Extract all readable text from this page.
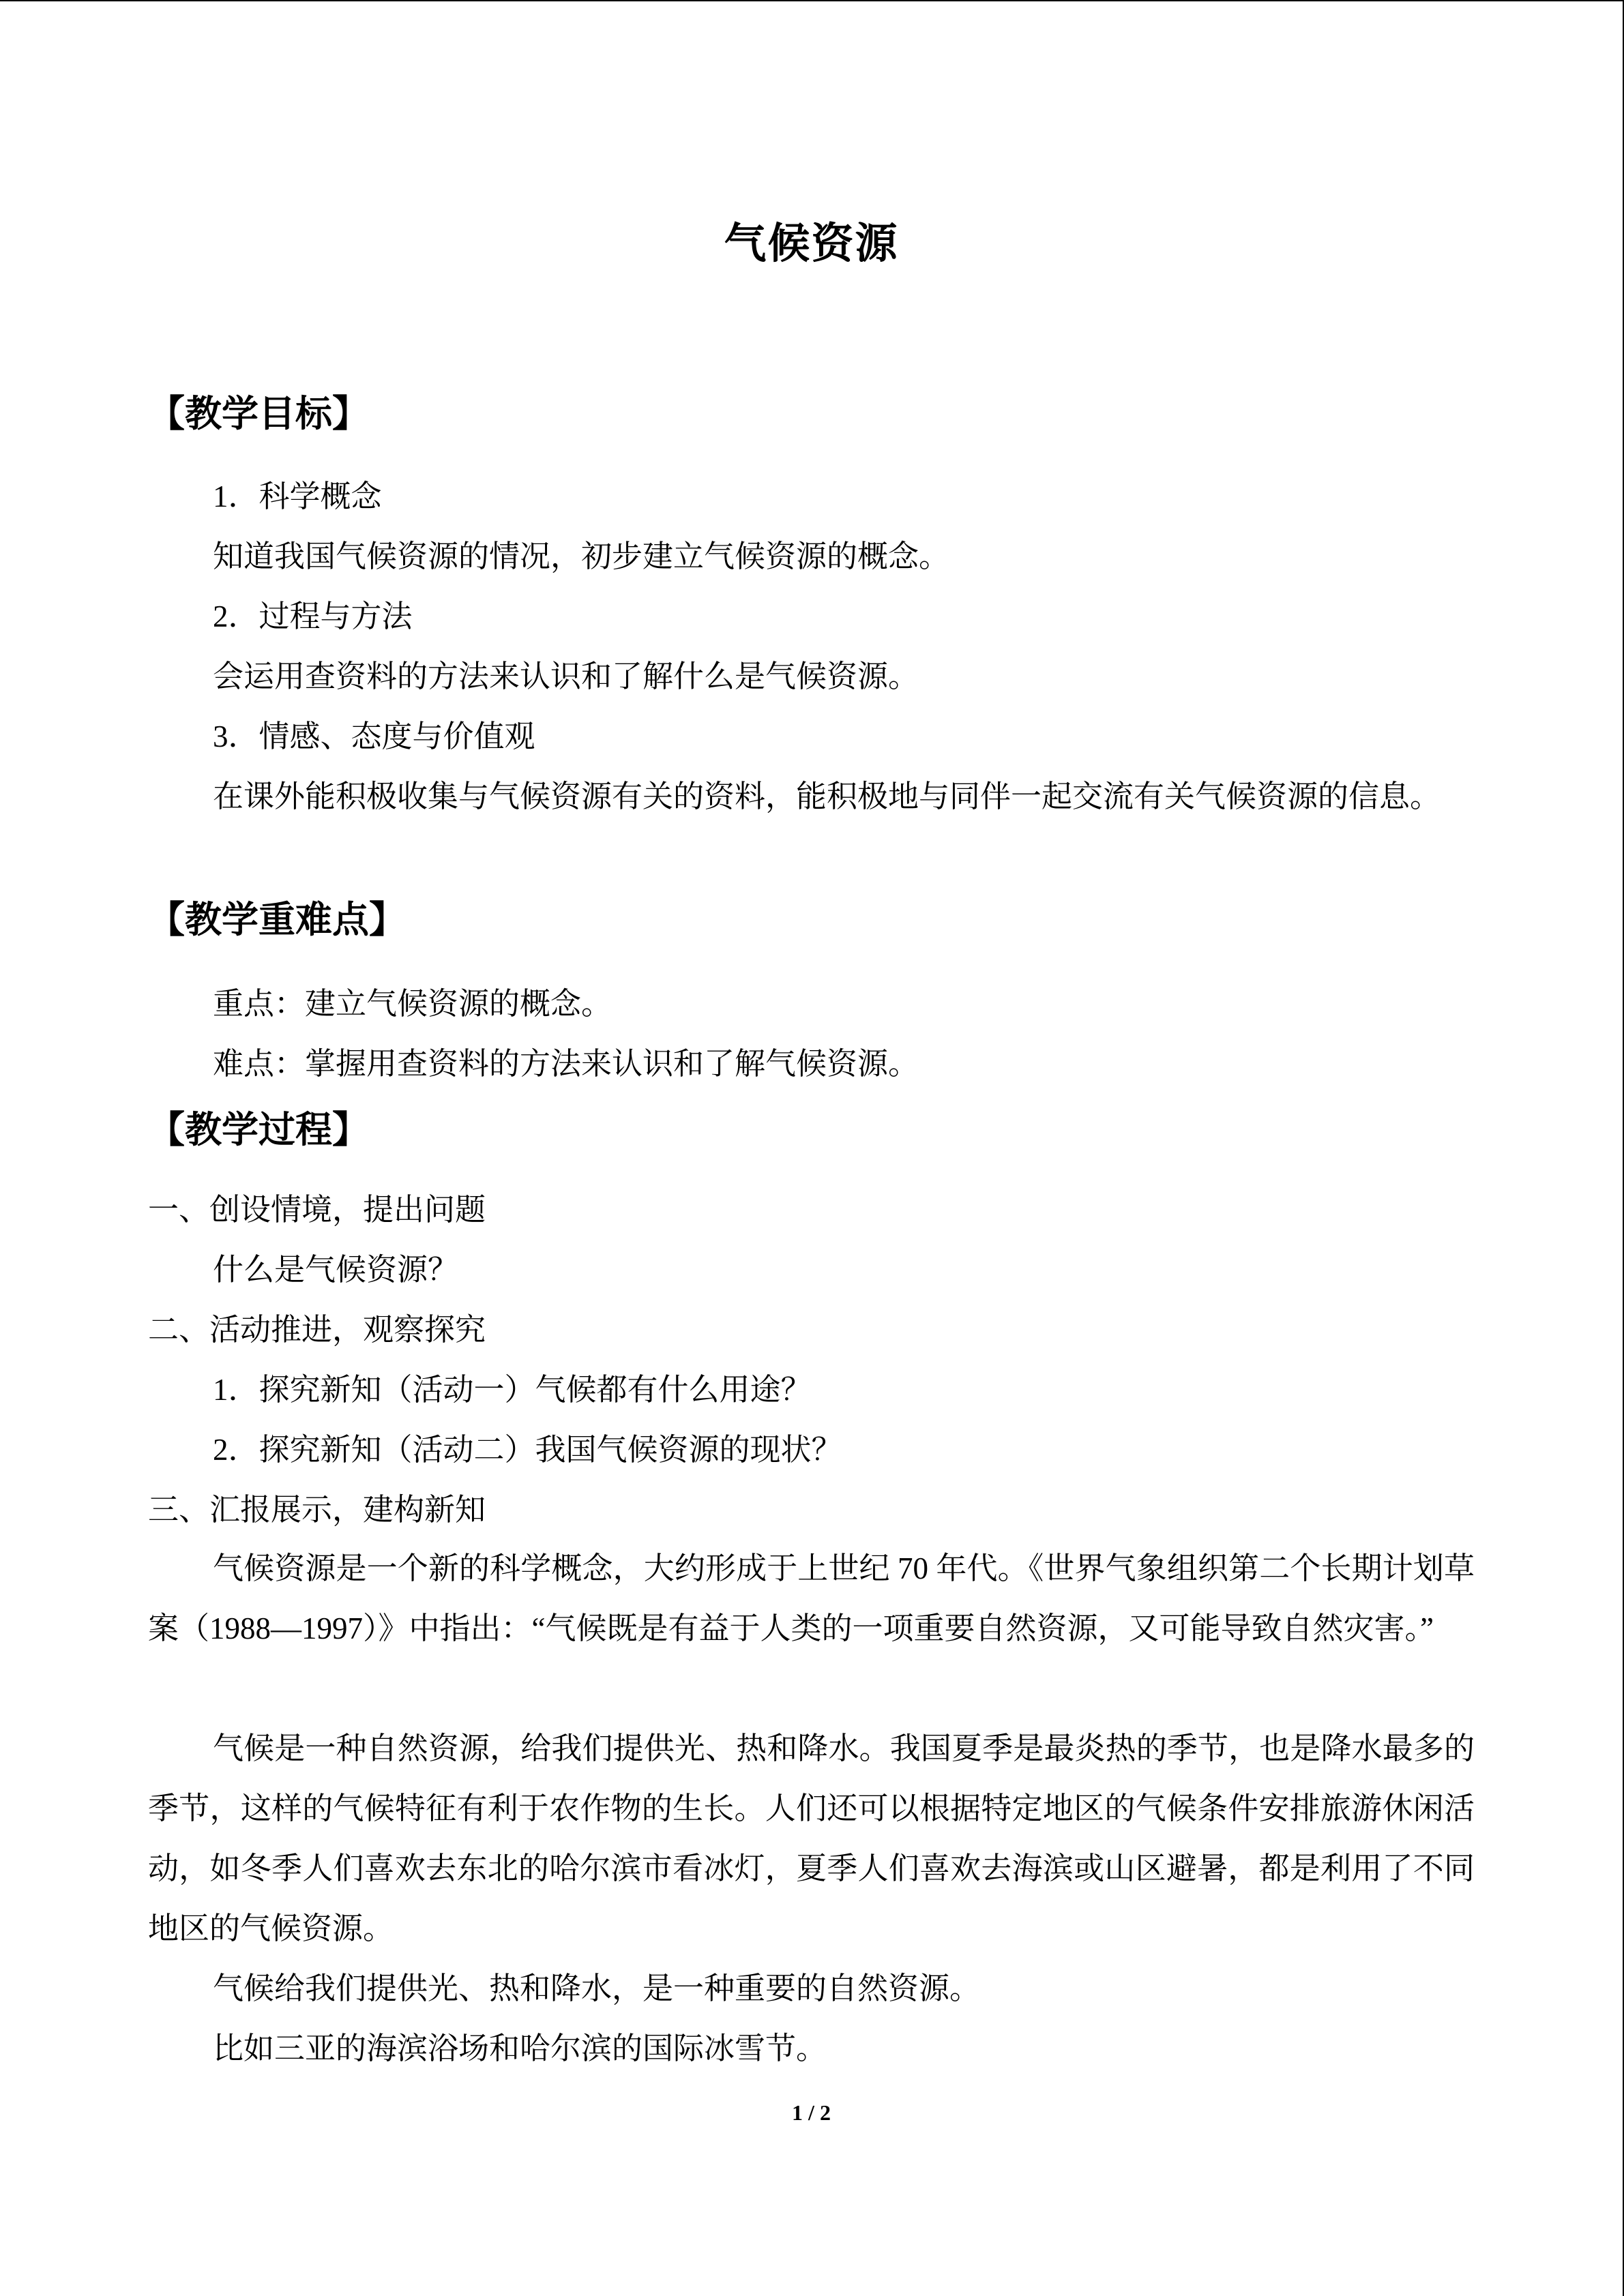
气候资源
【教学目标】
1．科学概念
知道我国气候资源的情况，初步建立气候资源的概念。
2．过程与方法
会运用查资料的方法来认识和了解什么是气候资源。
3．情感、态度与价值观
在课外能积极收集与气候资源有关的资料，能积极地与同伴一起交流有关气候资源的信息。
【教学重难点】
重点：建立气候资源的概念。
难点：掌握用查资料的方法来认识和了解气候资源。
【教学过程】
一、创设情境，提出问题
什么是气候资源？
二、活动推进，观察探究
1．探究新知（活动一）气候都有什么用途？
2．探究新知（活动二）我国气候资源的现状？
三、汇报展示，建构新知
气候资源是一个新的科学概念，大约形成于上世纪 70 年代。《世界气象组织第二个长期计划草案（1988—1997）》中指出：“气候既是有益于人类的一项重要自然资源，又可能导致自然灾害。”
气候是一种自然资源，给我们提供光、热和降水。我国夏季是最炎热的季节，也是降水最多的季节，这样的气候特征有利于农作物的生长。人们还可以根据特定地区的气候条件安排旅游休闲活动，如冬季人们喜欢去东北的哈尔滨市看冰灯，夏季人们喜欢去海滨或山区避暑，都是利用了不同地区的气候资源。
气候给我们提供光、热和降水，是一种重要的自然资源。
比如三亚的海滨浴场和哈尔滨的国际冰雪节。
1 / 2
